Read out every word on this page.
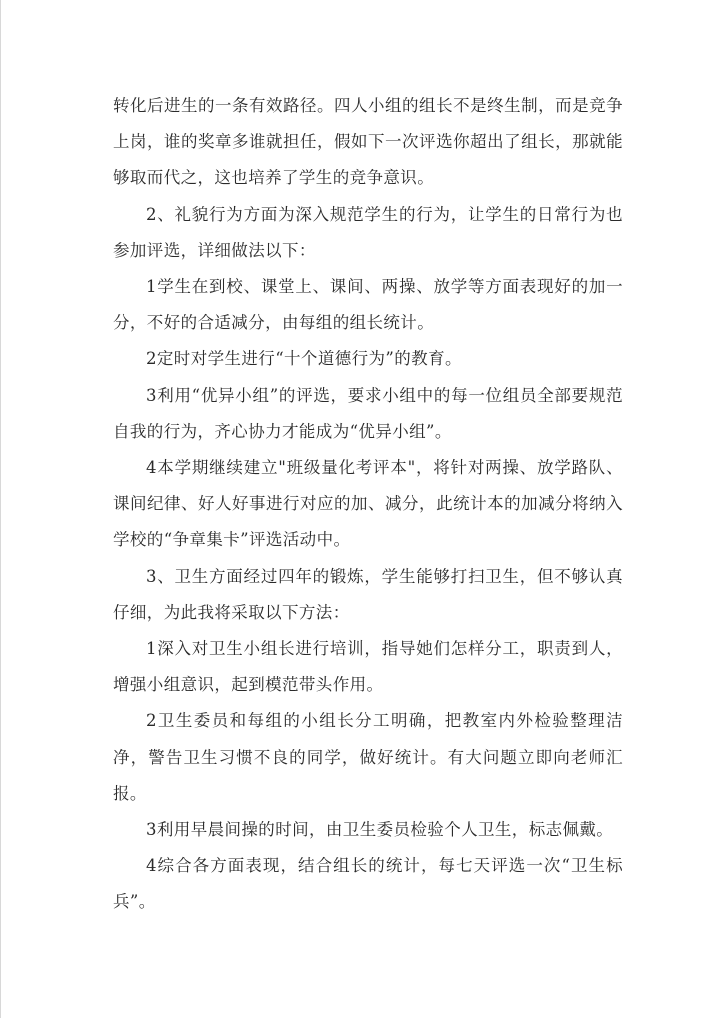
转化后进生的一条有效路径。四人小组的组长不是终生制，而是竞争上岗，谁的奖章多谁就担任，假如下一次评选你超出了组长，那就能够取而代之，这也培养了学生的竞争意识。

2、礼貌行为方面为深入规范学生的行为，让学生的日常行为也参加评选，详细做法以下：

1学生在到校、课堂上、课间、两操、放学等方面表现好的加一分，不好的合适减分，由每组的组长统计。

2定时对学生进行“十个道德行为”的教育。

3利用“优异小组”的评选，要求小组中的每一位组员全部要规范自我的行为，齐心协力才能成为“优异小组”。

4本学期继续建立"班级量化考评本"，将针对两操、放学路队、课间纪律、好人好事进行对应的加、减分，此统计本的加减分将纳入学校的“争章集卡”评选活动中。

3、卫生方面经过四年的锻炼，学生能够打扫卫生，但不够认真仔细，为此我将采取以下方法：

1深入对卫生小组长进行培训，指导她们怎样分工，职责到人，增强小组意识，起到模范带头作用。

2卫生委员和每组的小组长分工明确，把教室内外检验整理洁净，警告卫生习惯不良的同学，做好统计。有大问题立即向老师汇报。

3利用早晨间操的时间，由卫生委员检验个人卫生，标志佩戴。

4综合各方面表现，结合组长的统计，每七天评选一次“卫生标兵”。
